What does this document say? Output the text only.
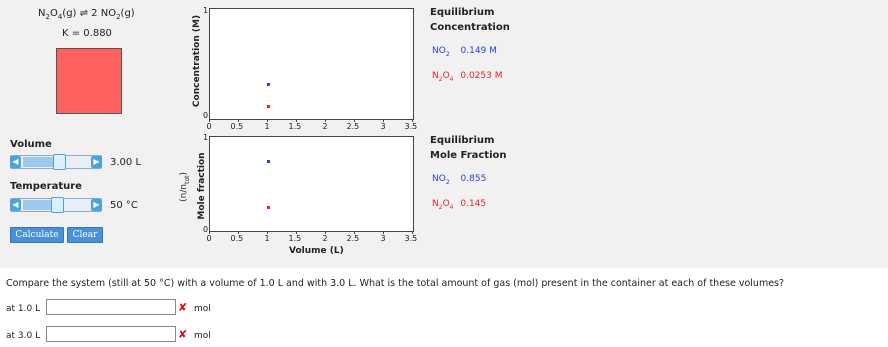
$N_2O_4(g)$ ⇌ 2 $NO_2(g)$
K = 0.880
Volume
◀	▶ 3.00 L
Temperature
◀	▶ 50 °C
Calculate	Clear
Concentration (M)
1
0
0 0.5	1 1.5	2 2.5	3 3.5
Mole fraction
$(n/n_{tot})$
1
0
0 0.5	1 1.5	2 2.5	3 3.5
Volume (L)
Equilibrium
Concentration
$NO_2$ 0.149 M
$N_2O_4$ 0.0253 M
Equilibrium
Mole Fraction
$NO_2$ 0.855
$N_2O_4$ 0.145
Compare the system (still at 50 °C) with a volume of 1.0 L and with 3.0 L. What is the total amount of gas (mol) present in the container at each of these volumes?
at 1.0 L	✘ mol
at 3.0 L	✘ mol
